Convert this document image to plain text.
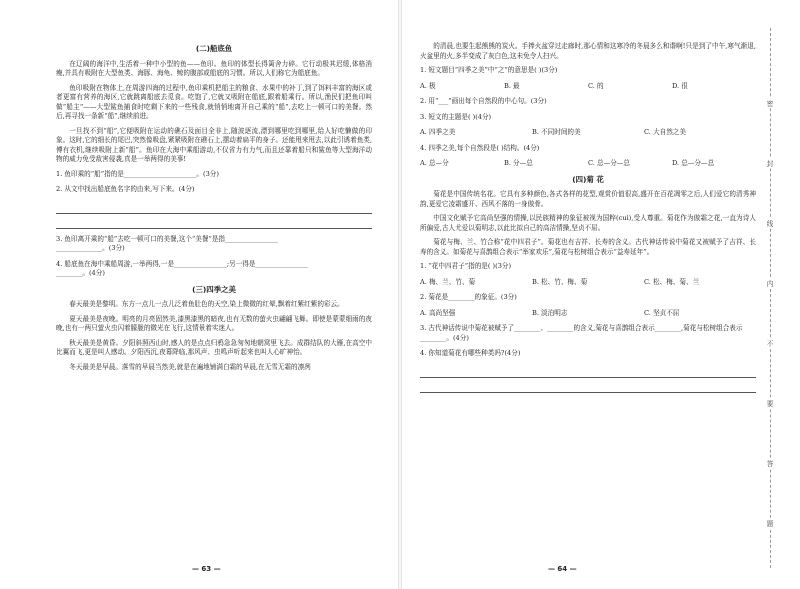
(二)船底鱼

在辽阔的海洋中,生活着一种中小型的鱼——鱼印。鱼印的体型长得篱舍力碎。它行动极其迟缓,体格消瘦,并具有吸附在大型鱼类、海豚、海龟、鲸的腹部或船底的习惯。所以,人们称它为船底鱼。

鱼印吸附在物体上,在周游四海的过程中,鱼印乘机把船主的粮食、水果中的补丁,到了饵料丰富的海区或者更富有营养的海区,它就跳离船底去觅食。吃饱了,它就又吸附在船底,跟着船乘行。所以,渔民们把鱼印叫做“船主”——大型鲨鱼捕食时吃剩下来的一些残食,就悄悄地离开自己乘的“船”,去吃上一顿可口的美餐。然后,再寻找一条新“船”,继续前进。

一旦找不到“船”,它便吸附在运动的礁石及面目全非上,随波逐流,漂到哪里吃到哪里,给人好吃懒做的印象。这时,它的细长的尾巴,突然像吸盘,紧紧吸附在礁石上,摆动着扁平的身子。还能甩来甩去,以此引诱着鱼类,傅有衣机,继续吸附上新“船”。鱼印在大海中乘船游动,不仅省力有力气,而且还靠着船只和鲨鱼等大型海洋动物的威力免受敌害侵袭,真是一举两得的美事!

1. 鱼印乘的“船”指的是______________________。(3分)
2. 从文中找出船底鱼名字的由来,写下来。(4分)
3. 鱼印离开乘的“船”去吃一顿可口的美餐,这个“美餐”是指________________
______________。(3分)
4. 船底鱼在海中乘船周游,一举两得,一是________________;另一得是________________
________。(4分)
(三)四季之美

春天最美是黎明。东方一点儿一点儿泛着鱼肚色的天空,染上微微的红晕,飘着红紫红紫的彩云。

夏天最美是夜晚。明亮的月亮固然美,漆黑漆黑的暗夜,也有无数的萤火虫翩翩飞舞。即使是蒙蒙细雨的夜晚,也有一两只萤火虫闪着朦胧的微光在飞行,这情景着实迷人。

秋天最美是黄昏。夕阳斜照西山时,感人的是点点归鸦急急匆匆地朝窝里飞去。成群结队的大雁,在高空中比翼而飞,更是叫人感动。夕阳西沉,夜幕降临,那风声、虫鸣声听起来也叫人心旷神怡。

冬天最美是早晨。落雪的早晨当然美,就是在遍地铺满白霜的早晨,在无雪无霜的凛冽

— 63 —

的清晨,也要生起熊熊的炭火。手捧火盆穿过走廊时,那心情和这寒冷的冬晨多么和谐啊!只是到了中午,寒气渐退,火盆里的火,多半变成了灰白色,这未免令人扫兴。

1. 短文题目“四季之美”中“之”的意思是( )(3分)
A. 极	B. 最	C. 的	D. 很
2. 用“___”画出每个自然段的中心句。(3分)
3. 短文的主题是( )(4分)
A. 四季之美	B. 不同时间的美	C. 大自然之美
4. 四季之美,每个自然段是( )结构。(4分)
A. 总—分	B. 分—总	C. 总—分—总	D. 总—分—总
(四)菊 花

菊花是中国传统名花。它具有多种颜色,各式各样的花型,观赏价值很高,盛开在百花凋零之后,人们爱它的清秀神韵,更爱它凌霜盛开、西风不落的一身傲骨。

中国文化赋予它高尚坚强的情操,以民族精神的象征被视为国粹(cuì),受人尊重。菊花作为傲霜之花,一直为诗人所偏爱,古人尤爱以菊明志,以此比拟自己的高洁情操,坚贞不屈。

菊花与梅、兰、竹合称“花中四君子”。菊花也有吉祥、长寿的含义。古代神话传说中菊花又被赋予了吉祥、长寿的含义。如菊花与喜鹊组合表示“举家欢乐”,菊花与松树组合表示“益寿延年”。

1. “花中四君子”指的是( )(3分)
A. 梅、兰、竹、菊	B. 松、竹、梅、菊	C. 松、梅、菊、兰
2. 菊花是________的象征。(3分)
A. 高尚坚强	B. 淡泊明志	C. 坚贞不屈
3. 古代神话传说中菊花被赋予了________、________的含义,菊花与喜鹊组合表示________,菊花与松树组合表示________。(4分)
4. 你知道菊花有哪些种类吗?(4分)
— 64 —
密
封
线
内
不
要
答
题
